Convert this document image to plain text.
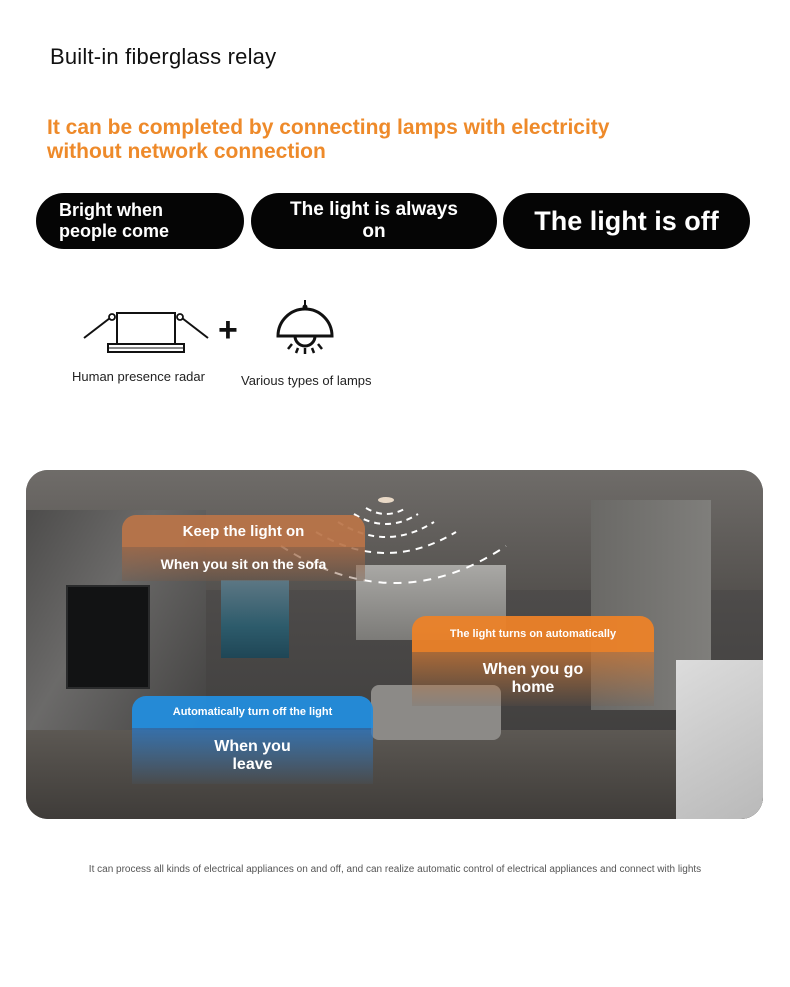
Built-in fiberglass relay
It can be completed by connecting lamps with electricity without network connection
Bright when
people come
The light is always
on	The light is off
+
Human presence radar	Various types of lamps
Keep the light on
When you sit on the sofa
The light turns on automatically
When you go
home
Automatically turn off the light
When you
leave
It can process all kinds of electrical appliances on and off, and can realize automatic control of electrical appliances and connect with lights
